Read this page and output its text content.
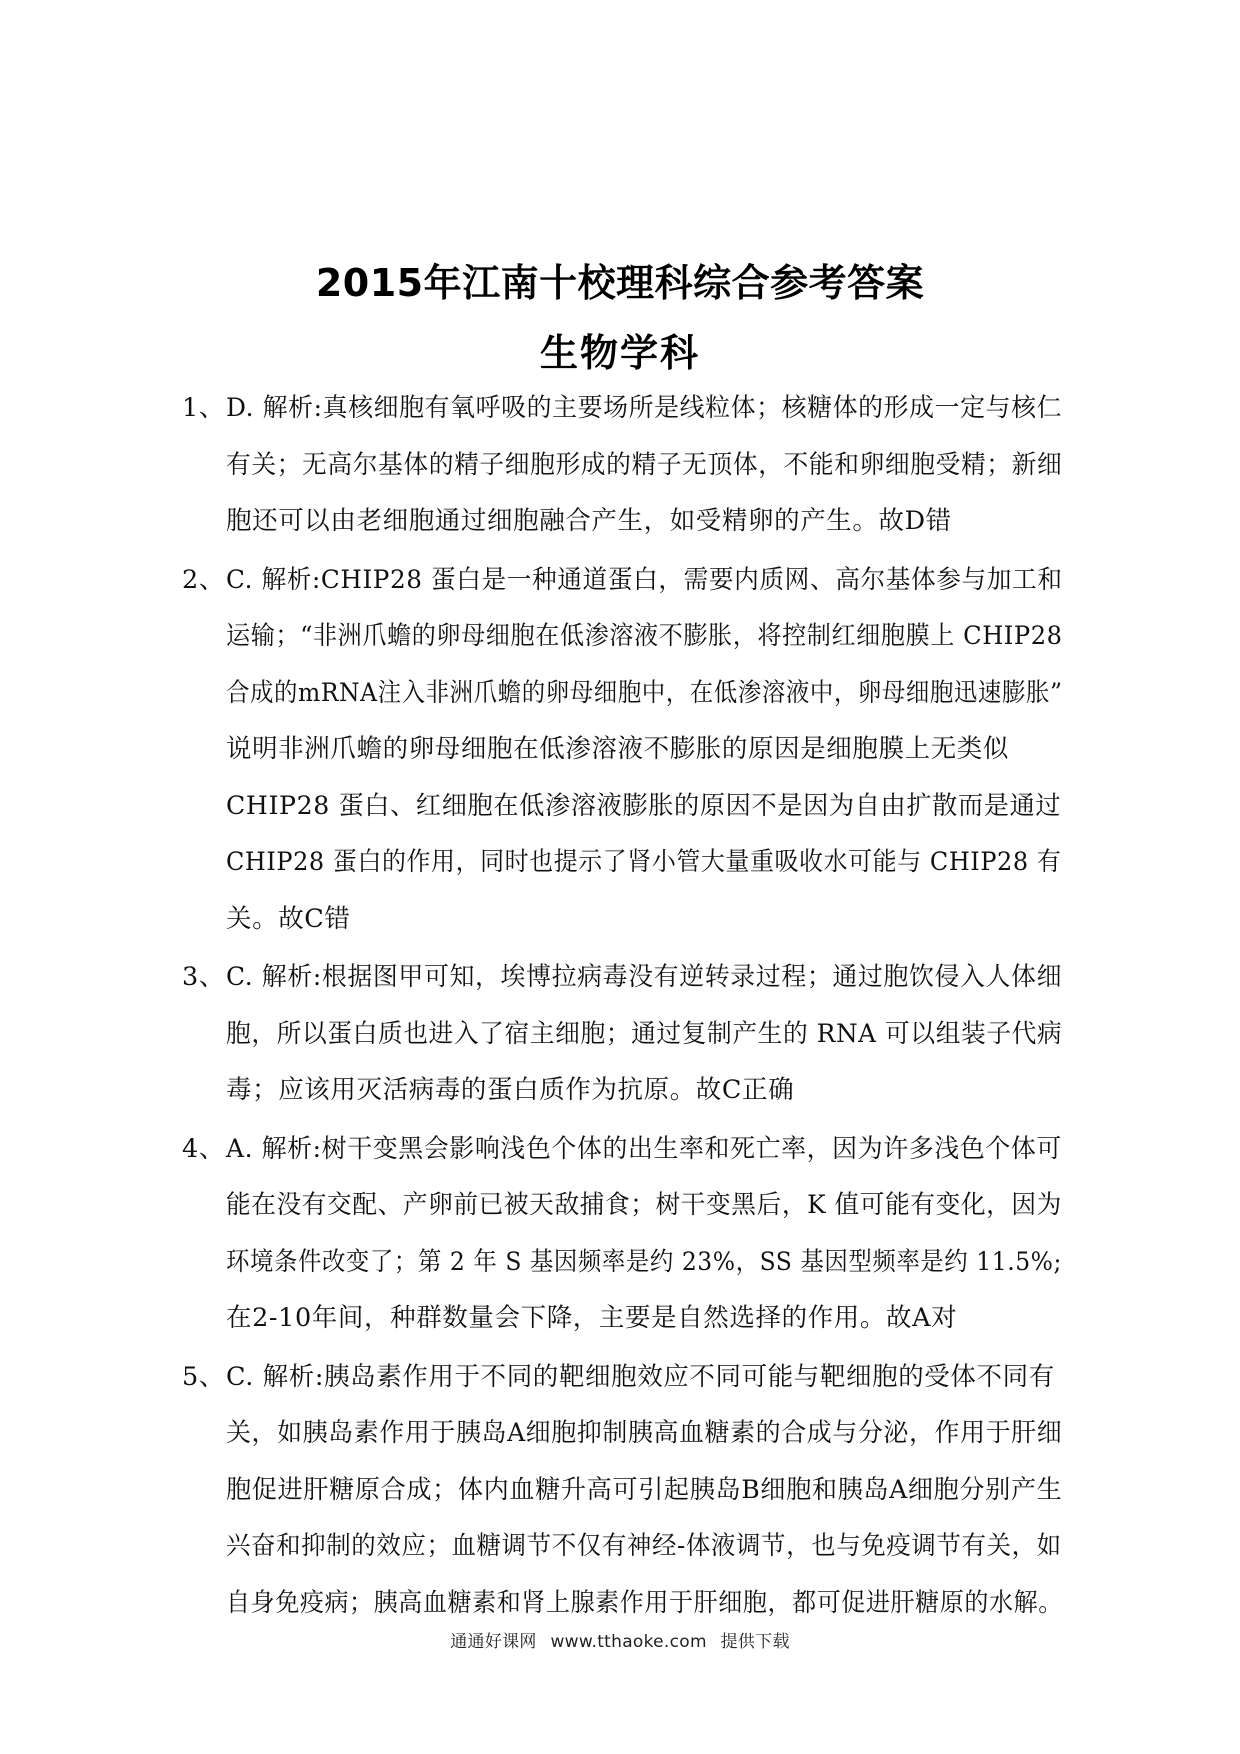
2015年江南十校理科综合参考答案
生物学科
1、 D. 解析:真核细胞有氧呼吸的主要场所是线粒体；核糖体的形成一定与核仁
有关；无高尔基体的精子细胞形成的精子无顶体，不能和卵细胞受精；新细
胞还可以由老细胞通过细胞融合产生，如受精卵的产生。故D错
2、 C. 解析:CHIP28 蛋白是一种通道蛋白，需要内质网、高尔基体参与加工和
运输；“非洲爪蟾的卵母细胞在低渗溶液不膨胀，将控制红细胞膜上 CHIP28
合成的mRNA注入非洲爪蟾的卵母细胞中，在低渗溶液中，卵母细胞迅速膨胀”
说明非洲爪蟾的卵母细胞在低渗溶液不膨胀的原因是细胞膜上无类似
CHIP28 蛋白、红细胞在低渗溶液膨胀的原因不是因为自由扩散而是通过
CHIP28 蛋白的作用，同时也提示了肾小管大量重吸收水可能与 CHIP28 有
关。故C错
3、 C. 解析:根据图甲可知，埃博拉病毒没有逆转录过程；通过胞饮侵入人体细
胞，所以蛋白质也进入了宿主细胞；通过复制产生的 RNA 可以组装子代病
毒；应该用灭活病毒的蛋白质作为抗原。故C正确
4、 A. 解析:树干变黑会影响浅色个体的出生率和死亡率，因为许多浅色个体可
能在没有交配、产卵前已被天敌捕食；树干变黑后，K 值可能有变化，因为
环境条件改变了；第 2 年 S 基因频率是约 23%，SS 基因型频率是约 11.5%;
在2-10年间，种群数量会下降，主要是自然选择的作用。故A对
5、 C. 解析:胰岛素作用于不同的靶细胞效应不同可能与靶细胞的受体不同有
关，如胰岛素作用于胰岛A细胞抑制胰高血糖素的合成与分泌，作用于肝细
胞促进肝糖原合成；体内血糖升高可引起胰岛B细胞和胰岛A细胞分别产生
兴奋和抑制的效应；血糖调节不仅有神经-体液调节，也与免疫调节有关，如
自身免疫病；胰高血糖素和肾上腺素作用于肝细胞，都可促进肝糖原的水解。
通通好课网 www.tthaoke.com 提供下载
